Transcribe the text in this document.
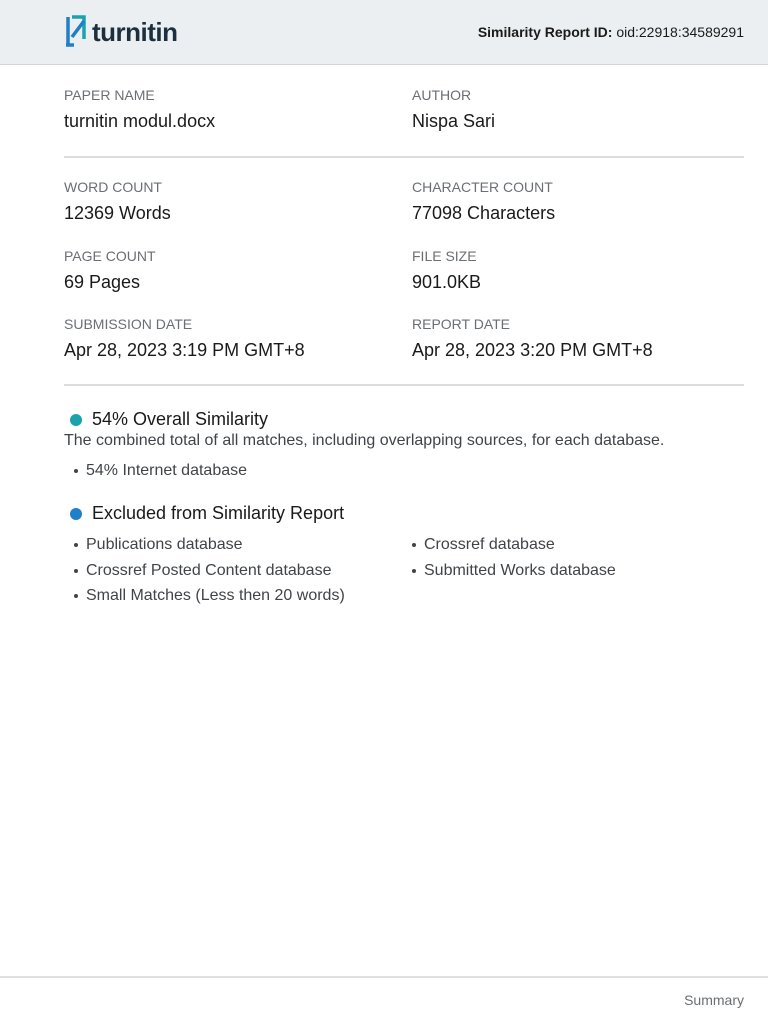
turnitin	Similarity Report ID: oid:22918:34589291
PAPER NAME
turnitin modul.docx
AUTHOR
Nispa Sari
WORD COUNT
12369 Words
CHARACTER COUNT
77098 Characters
PAGE COUNT
69 Pages
FILE SIZE
901.0KB
SUBMISSION DATE
Apr 28, 2023 3:19 PM GMT+8
REPORT DATE
Apr 28, 2023 3:20 PM GMT+8
54% Overall Similarity
The combined total of all matches, including overlapping sources, for each database.
54% Internet database
Excluded from Similarity Report
Publications database
Crossref Posted Content database
Small Matches (Less then 20 words)
Crossref database
Submitted Works database
Summary
